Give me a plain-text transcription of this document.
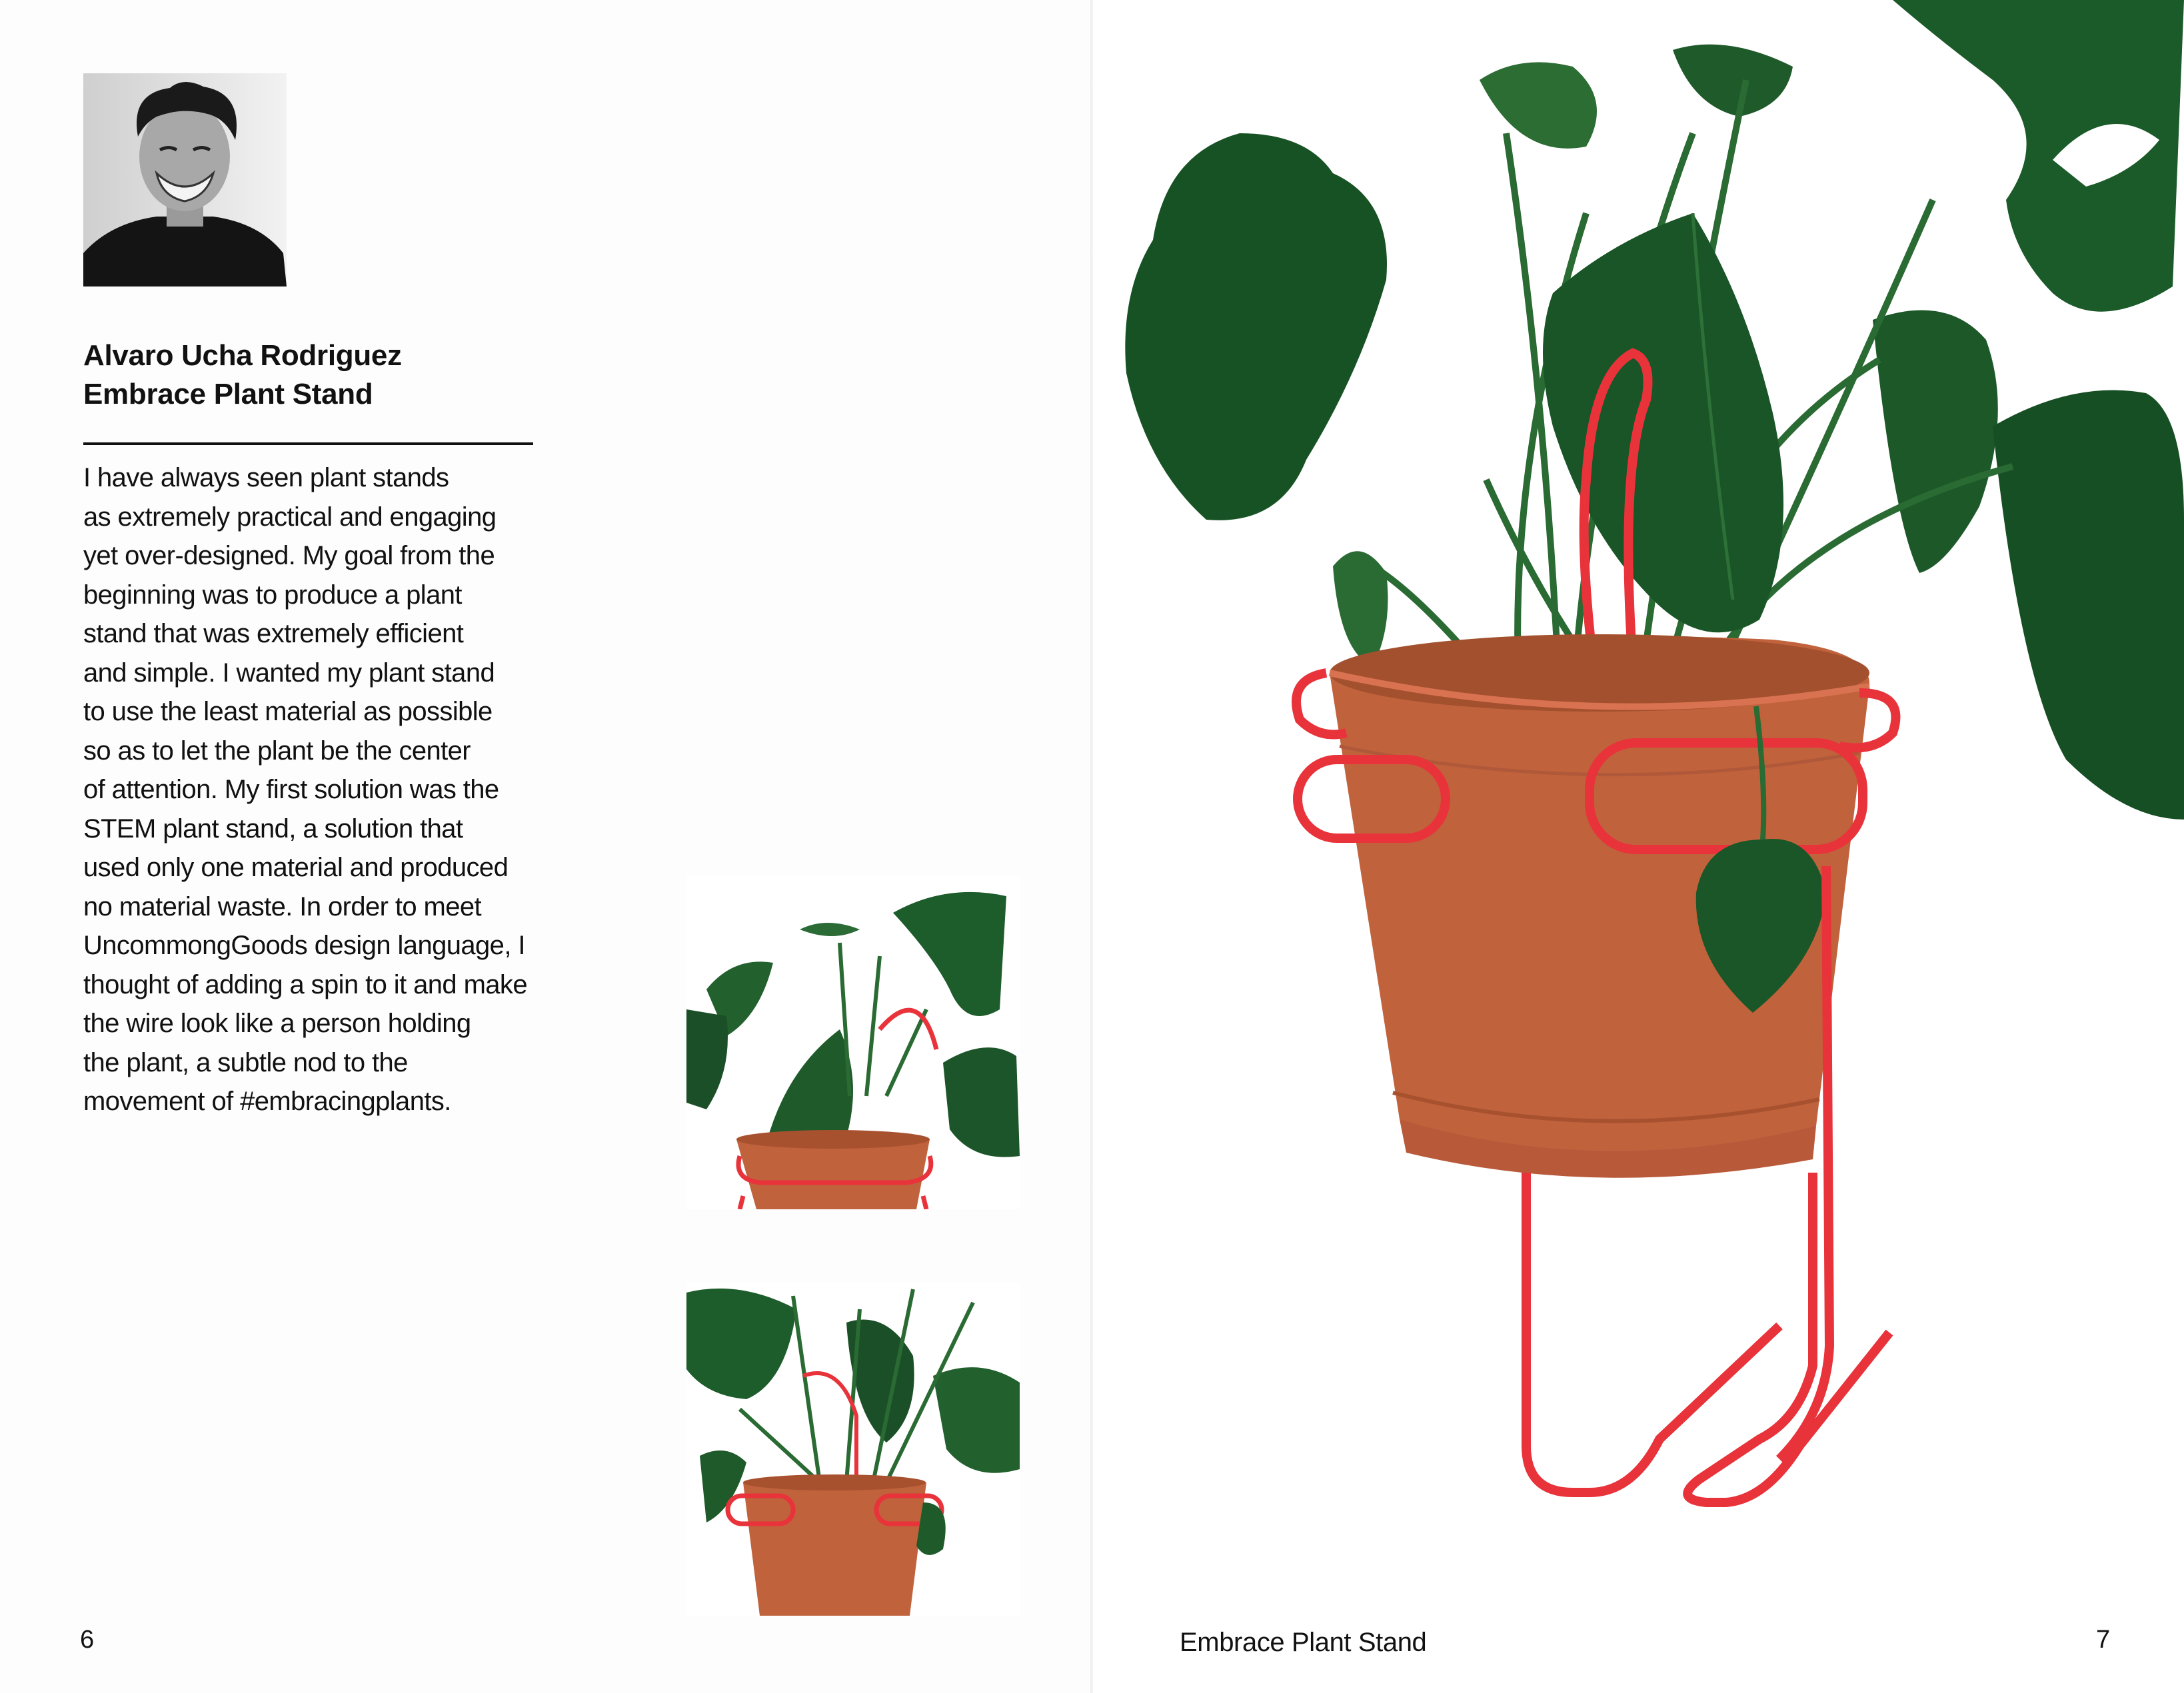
Alvaro Ucha Rodriguez
Embrace Plant Stand
I have always seen plant stands
as extremely practical and engaging
yet over-designed. My goal from the
beginning was to produce a plant
stand that was extremely efficient
and simple. I wanted my plant stand
to use the least material as possible
so as to let the plant be the center
of attention. My first solution was the
STEM plant stand, a solution that
used only one material and produced
no material waste. In order to meet
UncommongGoods design language, I
thought of adding a spin to it and make
the wire look like a person holding
the plant, a subtle nod to the
movement of #embracingplants.
6	Embrace Plant Stand	7
